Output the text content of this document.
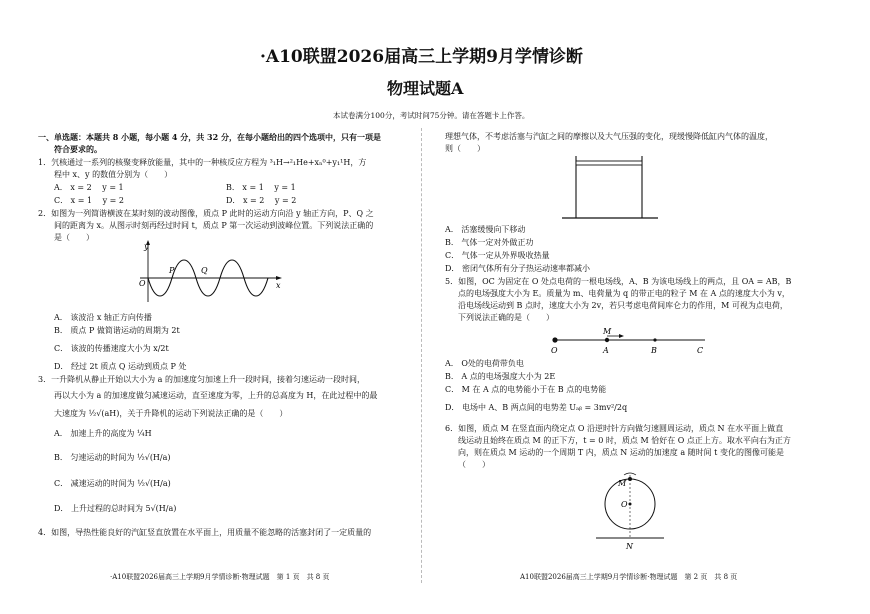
·A10联盟2026届高三上学期9月学情诊断
物理试题A
本试卷满分100分，考试时间75分钟。请在答题卡上作答。
一、单选题：本题共 8 小题，每小题 4 分，共 32 分，在每小题给出的四个选项中，只有一项是
符合要求的。
1．氕核通过一系列的核聚变释放能量，其中的一种核反应方程为 ³₁H→²₁He+xₙ⁰+y₁¹H，方
程中 x、y 的数值分别为（　　）
A． x = 2　 y = 1	B． x = 1　 y = 1
C． x = 1　 y = 2	D． x = 2　 y = 2
2．如图为一列简谐横波在某时刻的波动图像，质点 P 此时的运动方向沿 y 轴正方向，P、Q 之
间的距离为 x。从图示时刻再经过时间 t，质点 P 第一次运动到波峰位置。下列说法正确的
是（　　）
y
x
O
P	Q
A． 该波沿 x 轴正方向传播
B． 质点 P 做简谐运动的周期为 2t
C． 该波的传播速度大小为 x/2t
D． 经过 2t 质点 Q 运动到质点 P 处
3．一升降机从静止开始以大小为 a 的加速度匀加速上升一段时间，接着匀速运动一段时间，
再以大小为 a 的加速度做匀减速运动，直至速度为零，上升的总高度为 H，在此过程中的最
大速度为 ½√(aH)，关于升降机的运动下列说法正确的是（　　）
A． 加速上升的高度为 ¼H
B． 匀速运动的时间为 ½√(H/a)
C． 减速运动的时间为 ½√(H/a)
D． 上升过程的总时间为 5√(H/a)
4．如图，导热性能良好的汽缸竖直放置在水平面上，用质量不能忽略的活塞封闭了一定质量的
·A10联盟2026届高三上学期9月学情诊断·物理试题　第 1 页　共 8 页
理想气体，不考虑活塞与汽缸之间的摩擦以及大气压强的变化，现缓慢降低缸内气体的温度，
则（　　）
A． 活塞缓慢向下移动
B． 气体一定对外做正功
C． 气体一定从外界吸收热量
D． 密闭气体所有分子热运动速率都减小
5．如图，OC 为固定在 O 处点电荷的一根电场线，A、B 为该电场线上的两点，且 OA = AB，B
点的电场强度大小为 E。质量为 m、电荷量为 q 的带正电的粒子 M 在 A 点的速度大小为 v，
沿电场线运动到 B 点时，速度大小为 2v，若只考虑电荷间库仑力的作用，M 可视为点电荷，
下列说法正确的是（　　）
M
O	A	B	C
A． O处的电荷带负电
B． A 点的电场强度大小为 2E
C． M 在 A 点的电势能小于在 B 点的电势能
D． 电场中 A、B 两点间的电势差 Uₐᵦ = 3mv²/2q
6．如图，质点 M 在竖直面内绕定点 O 沿逆时针方向做匀速圆周运动，质点 N 在水平面上做直
线运动且始终在质点 M 的正下方，t = 0 时，质点 M 恰好在 O 点正上方。取水平向右为正方
向，则在质点 M 运动的一个周期 T 内，质点 N 运动的加速度 a 随时间 t 变化的图像可能是
（　　）
M
O
N
A10联盟2026届高三上学期9月学情诊断·物理试题　第 2 页　共 8 页
